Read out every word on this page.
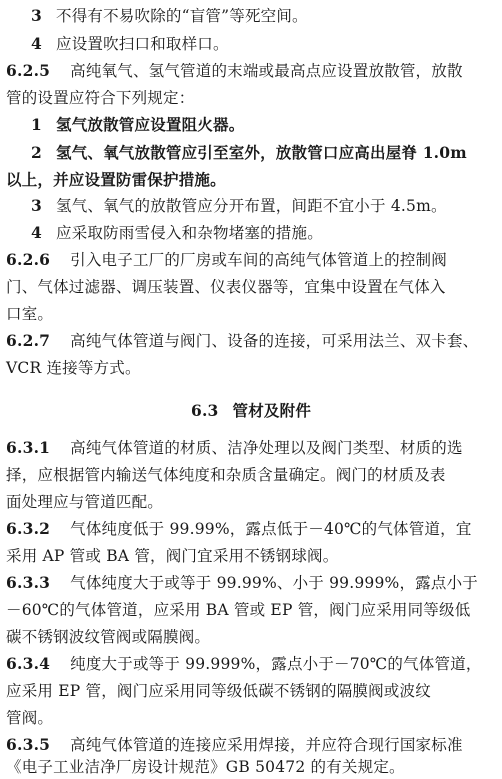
3 不得有不易吹除的“盲管”等死空间。
4 应设置吹扫口和取样口。
6.2.5 高纯氧气、氢气管道的末端或最高点应设置放散管，放散
管的设置应符合下列规定：
1 氢气放散管应设置阻火器。
2 氢气、氧气放散管应引至室外，放散管口应高出屋脊 1.0m
以上，并应设置防雷保护措施。
3 氢气、氧气的放散管应分开布置，间距不宜小于 4.5m。
4 应采取防雨雪侵入和杂物堵塞的措施。
6.2.6 引入电子工厂的厂房或车间的高纯气体管道上的控制阀
门、气体过滤器、调压装置、仪表仪器等，宜集中设置在气体入
口室。
6.2.7 高纯气体管道与阀门、设备的连接，可采用法兰、双卡套、
VCR 连接等方式。
6.3 管材及附件
6.3.1 高纯气体管道的材质、洁净处理以及阀门类型、材质的选
择，应根据管内输送气体纯度和杂质含量确定。阀门的材质及表
面处理应与管道匹配。
6.3.2 气体纯度低于 99.99%，露点低于－40℃的气体管道，宜
采用 AP 管或 BA 管，阀门宜采用不锈钢球阀。
6.3.3 气体纯度大于或等于 99.99%、小于 99.999%，露点小于
－60℃的气体管道，应采用 BA 管或 EP 管，阀门应采用同等级低
碳不锈钢波纹管阀或隔膜阀。
6.3.4 纯度大于或等于 99.999%，露点小于－70℃的气体管道，
应采用 EP 管，阀门应采用同等级低碳不锈钢的隔膜阀或波纹
管阀。
6.3.5 高纯气体管道的连接应采用焊接，并应符合现行国家标准
《电子工业洁净厂房设计规范》GB 50472 的有关规定。
